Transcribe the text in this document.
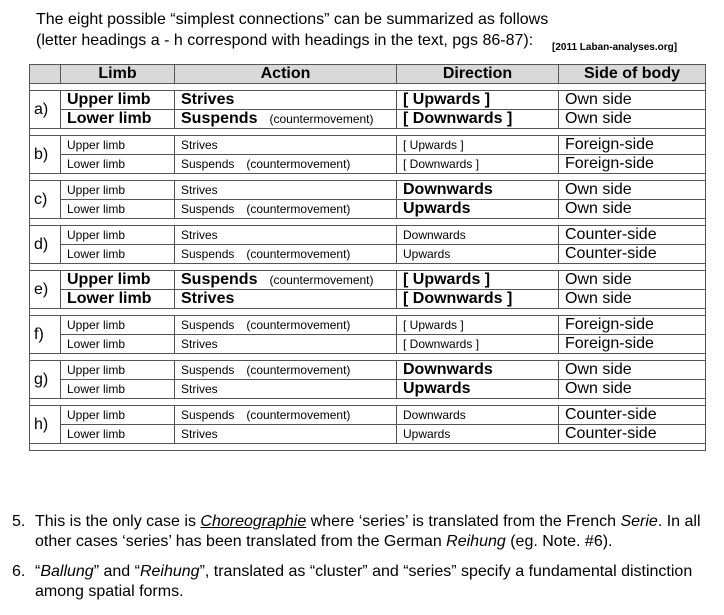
The eight possible “simplest connections” can be summarized as follows
(letter headings a - h correspond with headings in the text, pgs 86-87):	[2011 Laban-analyses.org]
	Limb	Action	Direction	Side of body

a)	Upper limb	Strives	[ Upwards ]	Own side
	Lower limb	Suspends (countermovement)	[ Downwards ]	Own side

b)	Upper limb	Strives	[ Upwards ]	Foreign-side
	Lower limb	Suspends (countermovement)	[ Downwards ]	Foreign-side

c)	Upper limb	Strives	Downwards	Own side
	Lower limb	Suspends (countermovement)	Upwards	Own side

d)	Upper limb	Strives	Downwards	Counter-side
	Lower limb	Suspends (countermovement)	Upwards	Counter-side

e)	Upper limb	Suspends (countermovement)	[ Upwards ]	Own side
	Lower limb	Strives	[ Downwards ]	Own side

f)	Upper limb	Suspends (countermovement)	[ Upwards ]	Foreign-side
	Lower limb	Strives	[ Downwards ]	Foreign-side

g)	Upper limb	Suspends (countermovement)	Downwards	Own side
	Lower limb	Strives	Upwards	Own side

h)	Upper limb	Suspends (countermovement)	Downwards	Counter-side
	Lower limb	Strives	Upwards	Counter-side

5. This is the only case is Choreographie where ‘series’ is translated from the French Serie. In all other cases ‘series’ has been translated from the German Reihung (eg. Note. #6).
6. “Ballung” and “Reihung”, translated as “cluster” and “series” specify a fundamental distinction among spatial forms.
